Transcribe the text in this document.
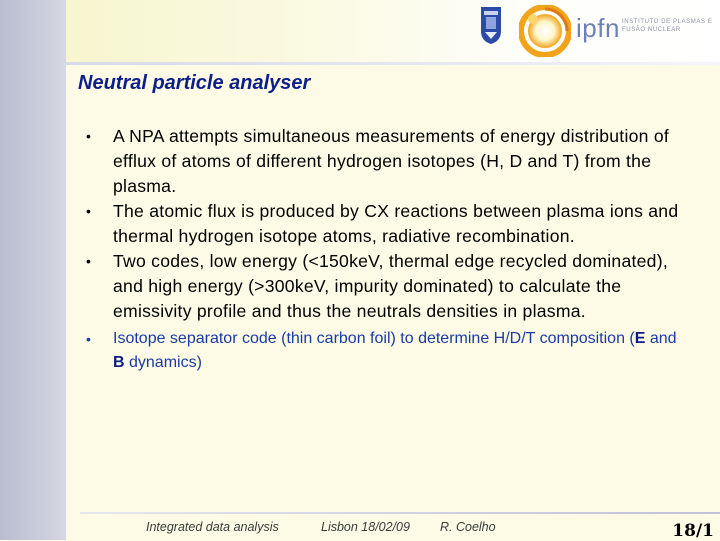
ipfn INSTITUTO DE PLASMAS E FUSÃO NUCLEAR
Neutral particle analyser
• A NPA attempts simultaneous measurements of energy distribution of efflux of atoms of different hydrogen isotopes (H, D and T) from the plasma.
• The atomic flux is produced by CX reactions between plasma ions and thermal hydrogen isotope atoms, radiative recombination.
• Two codes, low energy (<150keV, thermal edge recycled dominated), and high energy (>300keV, impurity dominated) to calculate the emissivity profile and thus the neutrals densities in plasma.
• Isotope separator code (thin carbon foil) to determine H/D/T composition (E and B dynamics)
Integrated data analysis	Lisbon 18/02/09 R. Coelho	18/1
